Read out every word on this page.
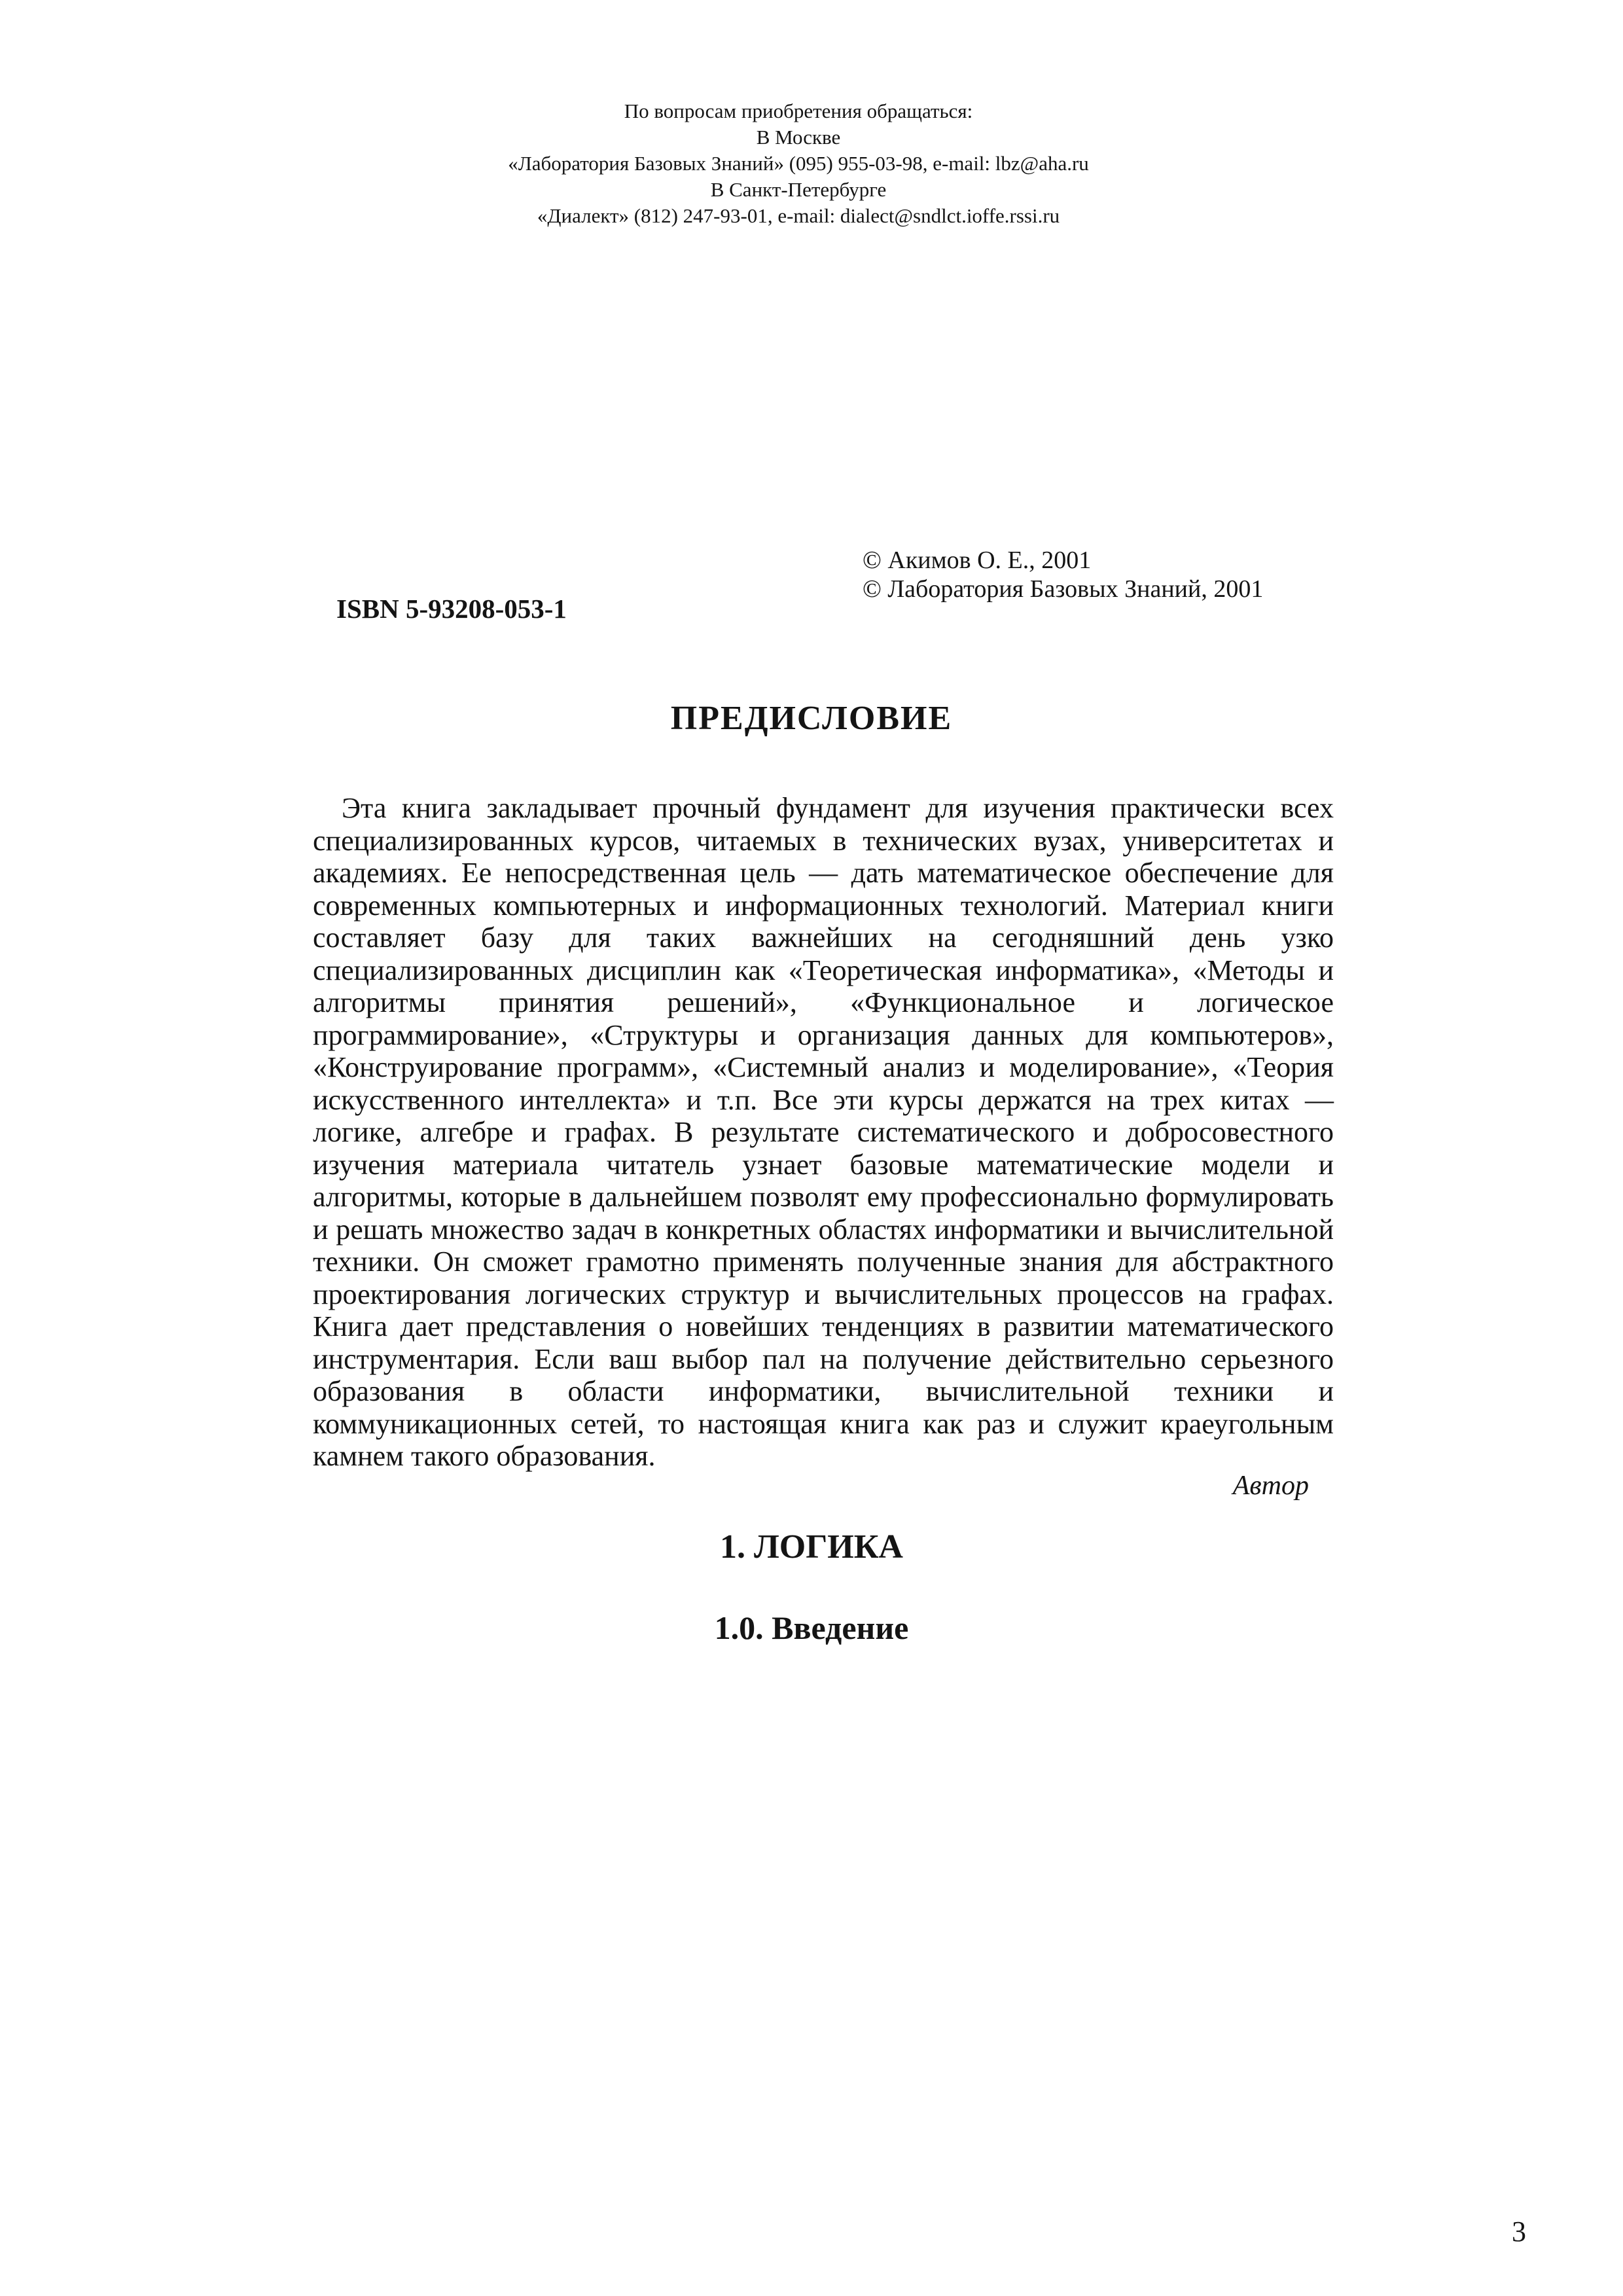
По вопросам приобретения обращаться:
В Москве
«Лаборатория Базовых Знаний» (095) 955-03-98, e-mail: lbz@aha.ru
В Санкт-Петербурге
«Диалект» (812) 247-93-01, e-mail: dialect@sndlct.ioffe.rssi.ru
ISBN 5-93208-053-1
© Акимов О. Е., 2001
© Лаборатория Базовых Знаний, 2001
ПРЕДИСЛОВИЕ

Эта книга закладывает прочный фундамент для изучения практически всех специализированных курсов, читаемых в технических вузах, университетах и академиях. Ее непосредственная цель — дать математическое обеспечение для современных компьютерных и информационных технологий. Материал книги составляет базу для таких важнейших на сегодняшний день узко специализированных дисциплин как «Теоретическая информатика», «Методы и алгоритмы принятия решений», «Функциональное и логическое программирование», «Структуры и организация данных для компьютеров», «Конструирование программ», «Системный анализ и моделирование», «Теория искусственного интеллекта» и т.п. Все эти курсы держатся на трех китах — логике, алгебре и графах. В результате систематического и добросовестного изучения материала читатель узнает базовые математические модели и алгоритмы, которые в дальнейшем позволят ему профессионально формулировать и решать множество задач в конкретных областях информатики и вычислительной техники. Он сможет грамотно применять полученные знания для абстрактного проектирования логических структур и вычислительных процессов на графах. Книга дает представления о новейших тенденциях в развитии математического инструментария. Если ваш выбор пал на получение действительно серьезного образования в области информатики, вычислительной техники и коммуникационных сетей, то настоящая книга как раз и служит краеугольным камнем такого образования.

Автор
1. ЛОГИКА
1.0. Введение
3
